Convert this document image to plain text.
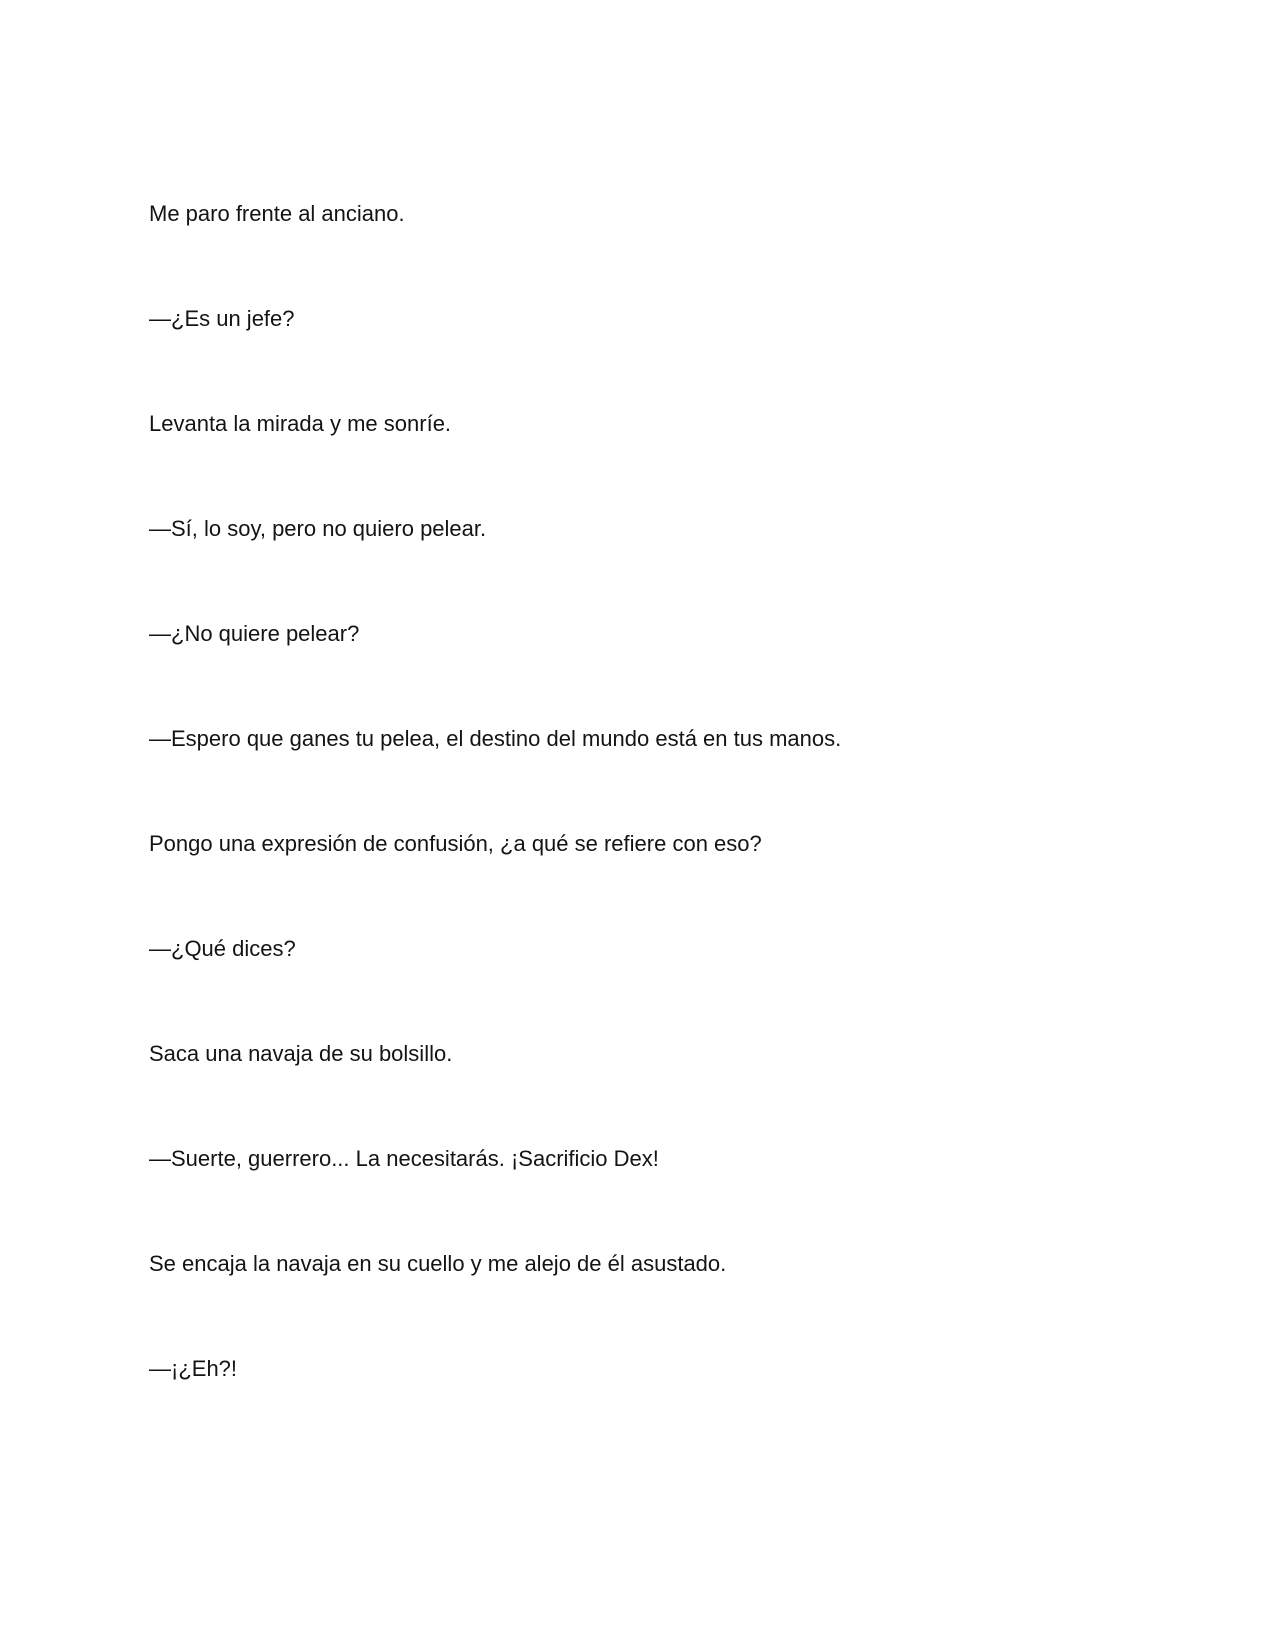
Me paro frente al anciano.

—¿Es un jefe?

Levanta la mirada y me sonríe.

—Sí, lo soy, pero no quiero pelear.

—¿No quiere pelear?

—Espero que ganes tu pelea, el destino del mundo está en tus manos.

Pongo una expresión de confusión, ¿a qué se refiere con eso?

—¿Qué dices?

Saca una navaja de su bolsillo.

—Suerte, guerrero... La necesitarás. ¡Sacrificio Dex!

Se encaja la navaja en su cuello y me alejo de él asustado.

—¡¿Eh?!
